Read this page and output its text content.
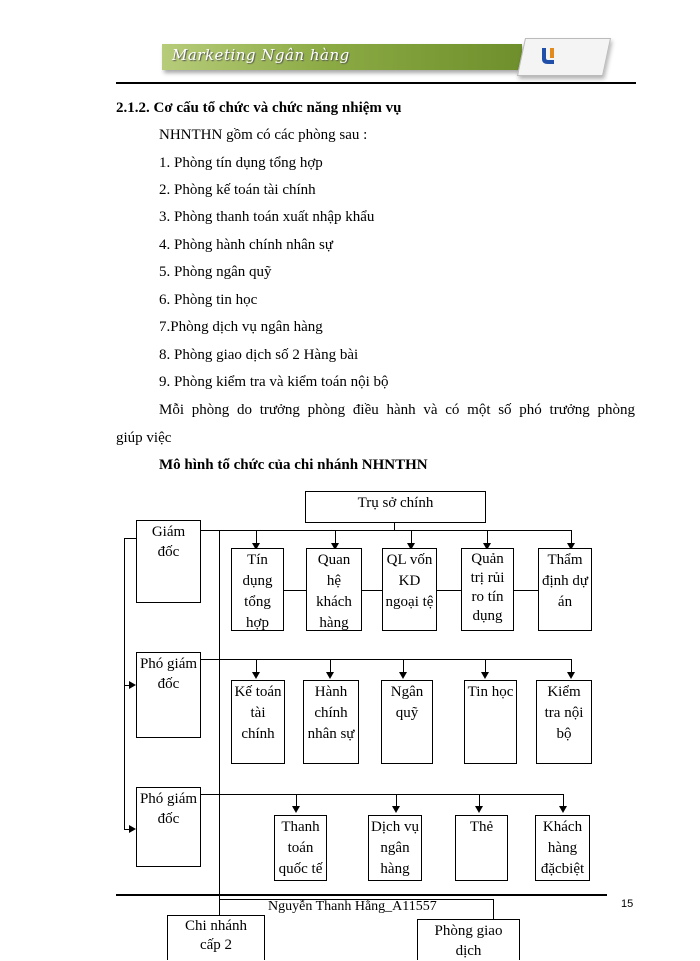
Marketing Ngân hàng
2.1.2. Cơ cấu tổ chức và chức năng nhiệm vụ
NHNTHN gồm có các phòng sau :
1. Phòng tín dụng tổng hợp
2. Phòng kế toán tài chính
3. Phòng thanh toán xuất nhập khẩu
4. Phòng hành chính nhân sự
5. Phòng ngân quỹ
6. Phòng tin học
7.Phòng dịch vụ ngân hàng
8. Phòng giao dịch số 2 Hàng bài
9. Phòng kiểm tra và kiểm toán nội bộ
Mỗi phòng do trưởng phòng điều hành và có một số phó trưởng phòng
giúp việc
Mô hình tổ chức của chi nhánh NHNTHN
Trụ sở chính
Giám
đốc
Phó giám
đốc
Phó giám
đốc
Tín
dụng
tổng
hợp
Quan
hệ
khách
hàng
QL vốn
KD
ngoại tệ
Quản
trị rủi
ro tín
dụng
Thẩm
định dự
án
Kế toán
tài
chính
Hành
chính
nhân sự
Ngân
quỹ
Tin học	Kiểm
tra nội
bộ
Thanh
toán
quốc tế
Dịch vụ
ngân
hàng
Thẻ	Khách
hàng
đặcbiệt
Chi nhánh
cấp 2
Phòng giao
dịch
Nguyễn Thanh Hằng_A11557	15
